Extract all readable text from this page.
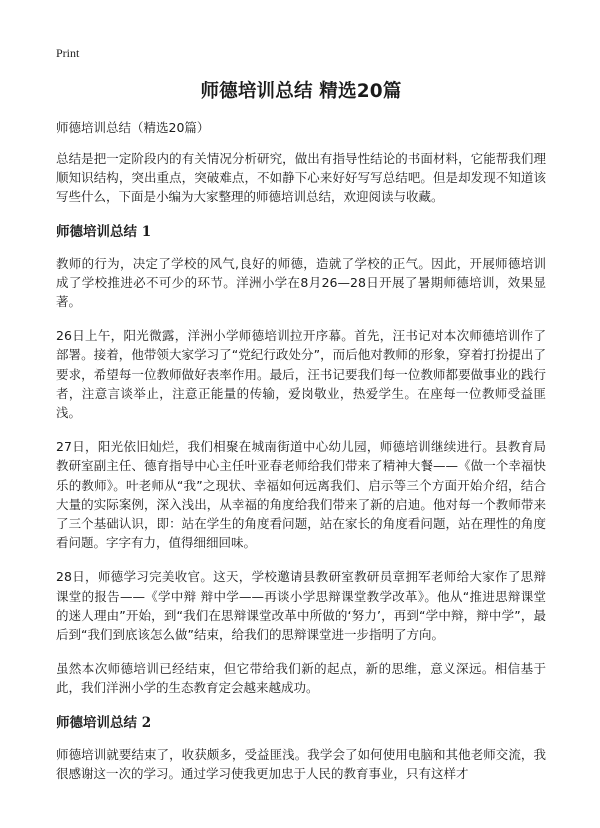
Print
师德培训总结 精选20篇
师德培训总结（精选20篇）

总结是把一定阶段内的有关情况分析研究，做出有指导性结论的书面材料，它能帮我们理顺知识结构，突出重点，突破难点，不如静下心来好好写写总结吧。但是却发现不知道该写些什么，下面是小编为大家整理的师德培训总结，欢迎阅读与收藏。

师德培训总结 1

教师的行为，决定了学校的风气,良好的师德，造就了学校的正气。因此，开展师德培训成了学校推进必不可少的环节。洋洲小学在8月26—28日开展了暑期师德培训，效果显著。

26日上午，阳光微露，洋洲小学师德培训拉开序幕。首先，汪书记对本次师德培训作了部署。接着，他带领大家学习了“党纪行政处分”，而后他对教师的形象，穿着打扮提出了要求，希望每一位教师做好表率作用。最后，汪书记要我们每一位教师都要做事业的践行者，注意言谈举止，注意正能量的传输，爱岗敬业，热爱学生。在座每一位教师受益匪浅。

27日，阳光依旧灿烂，我们相聚在城南街道中心幼儿园，师德培训继续进行。县教育局教研室副主任、德育指导中心主任叶亚春老师给我们带来了精神大餐——《做一个幸福快乐的教师》。叶老师从“我”之现状、幸福如何远离我们、启示等三个方面开始介绍，结合大量的实际案例，深入浅出，从幸福的角度给我们带来了新的启迪。他对每一个教师带来了三个基础认识，即：站在学生的角度看问题，站在家长的角度看问题，站在理性的角度看问题。字字有力，值得细细回味。

28日，师德学习完美收官。这天，学校邀请县教研室教研员章拥军老师给大家作了思辩课堂的报告——《学中辩 辩中学——再谈小学思辩课堂教学改革》。他从“推进思辩课堂的迷人理由”开始，到“我们在思辩课堂改革中所做的‘努力’，再到“学中辩，辩中学”，最后到“我们到底该怎么做”结束，给我们的思辩课堂进一步指明了方向。

虽然本次师德培训已经结束，但它带给我们新的起点，新的思维，意义深远。相信基于此，我们洋洲小学的生态教育定会越来越成功。

师德培训总结 2

师德培训就要结束了，收获颇多，受益匪浅。我学会了如何使用电脑和其他老师交流，我很感谢这一次的学习。通过学习使我更加忠于人民的教育事业，只有这样才
